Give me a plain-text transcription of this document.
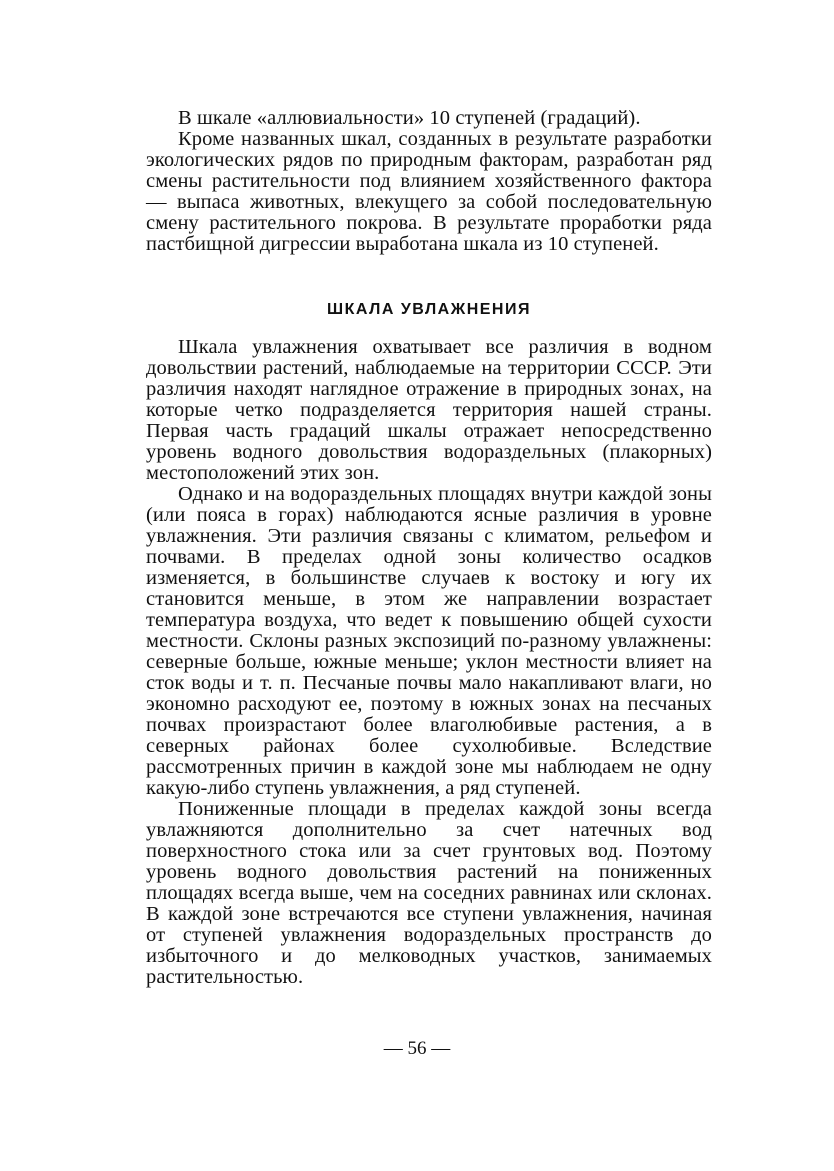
В шкале «аллювиальности» 10 ступеней (градаций).

Кроме названных шкал, созданных в результате разработки экологических рядов по природным факторам, разработан ряд смены растительности под влиянием хозяйственного фактора — выпаса животных, влекущего за собой последовательную смену растительного покрова. В результате проработки ряда пастбищной дигрессии выработана шкала из 10 ступеней.

ШКАЛА УВЛАЖНЕНИЯ

Шкала увлажнения охватывает все различия в водном довольствии растений, наблюдаемые на территории СССР. Эти различия находят наглядное отражение в природных зонах, на которые четко подразделяется территория нашей страны. Первая часть градаций шкалы отражает непосредственно уровень водного довольствия водораздельных (плакорных) местоположений этих зон.

Однако и на водораздельных площадях внутри каждой зоны (или пояса в горах) наблюдаются ясные различия в уровне увлажнения. Эти различия связаны с климатом, рельефом и почвами. В пределах одной зоны количество осадков изменяется, в большинстве случаев к востоку и югу их становится меньше, в этом же направлении возрастает температура воздуха, что ведет к повышению общей сухости местности. Склоны разных экспозиций по-разному увлажнены: северные больше, южные меньше; уклон местности влияет на сток воды и т. п. Песчаные почвы мало накапливают влаги, но экономно расходуют ее, поэтому в южных зонах на песчаных почвах произрастают более влаголюбивые растения, а в северных районах более сухолюбивые. Вследствие рассмотренных причин в каждой зоне мы наблюдаем не одну какую-либо ступень увлажнения, а ряд ступеней.

Пониженные площади в пределах каждой зоны всегда увлажняются дополнительно за счет натечных вод поверхностного стока или за счет грунтовых вод. Поэтому уровень водного довольствия растений на пониженных площадях всегда выше, чем на соседних равнинах или склонах. В каждой зоне встречаются все ступени увлажнения, начиная от ступеней увлажнения водораздельных пространств до избыточного и до мелководных участков, занимаемых растительностью.

— 56 —
